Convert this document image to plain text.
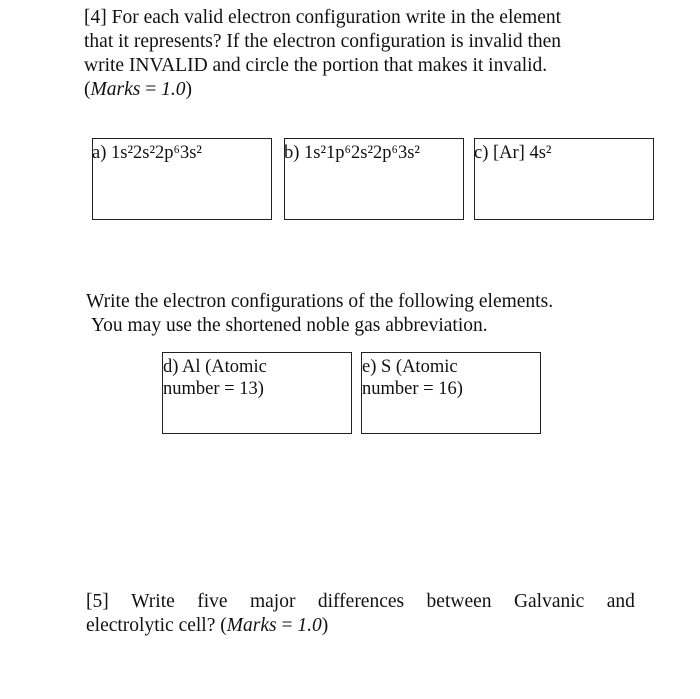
[4] For each valid electron configuration write in the element
that it represents? If the electron configuration is invalid then
write INVALID and circle the portion that makes it invalid.
(Marks = 1.0)
a) 1s²2s²2p⁶3s²	b) 1s²1p⁶2s²2p⁶3s²	c) [Ar] 4s²
Write the electron configurations of the following elements.
You may use the shortened noble gas abbreviation.
d) Al (Atomic
number = 13)
e) S (Atomic
number = 16)
[5] Write five major differences between Galvanic and
electrolytic cell? (Marks = 1.0)
